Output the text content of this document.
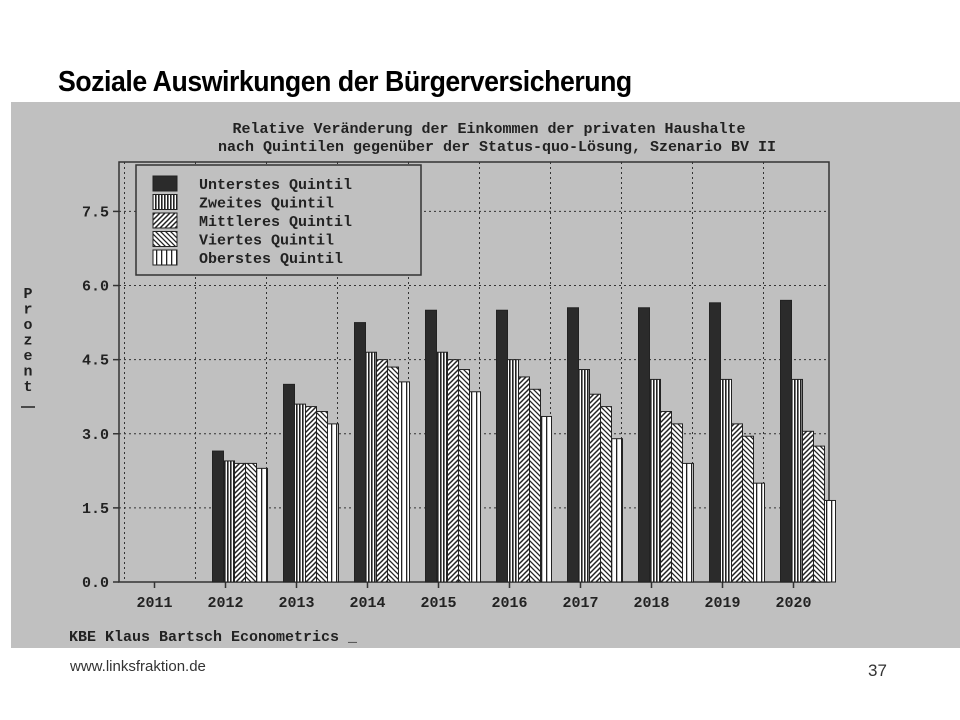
Soziale Auswirkungen der Bürgerversicherung
Relative Veränderung der Einkommen der privaten Haushalte
nach Quintilen gegenüber der Status-quo-Lösung, Szenario BV II
0.0
1.5
3.0
4.5
6.0
7.5
2011 2012 2013 2014 2015 2016 2017 2018 2019 2020
P
r
o
z
e
n
t
Unterstes Quintil
Zweites Quintil
Mittleres Quintil
Viertes Quintil
Oberstes Quintil
KBE Klaus Bartsch Econometrics _
www.linksfraktion.de	37
